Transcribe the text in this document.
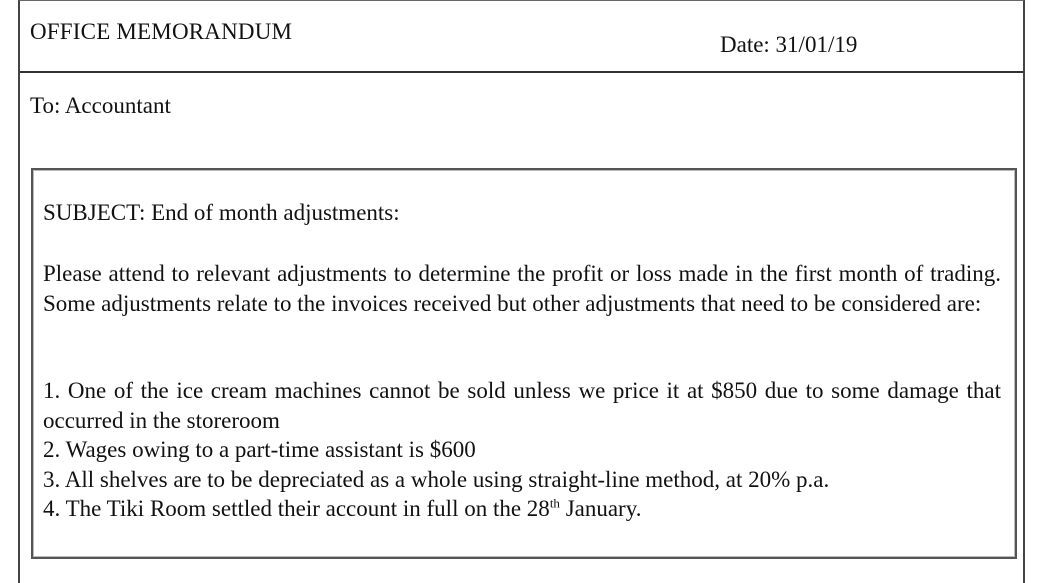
OFFICE MEMORANDUM
Date: 31/01/19
To: Accountant
SUBJECT: End of month adjustments:

Please attend to relevant adjustments to determine the profit or loss made in the first month of trading. Some adjustments relate to the invoices received but other adjustments that need to be considered are:

1. One of the ice cream machines cannot be sold unless we price it at $850 due to some damage that occurred in the storeroom
2. Wages owing to a part-time assistant is $600
3. All shelves are to be depreciated as a whole using straight-line method, at 20% p.a.
4. The Tiki Room settled their account in full on the 28th January.
